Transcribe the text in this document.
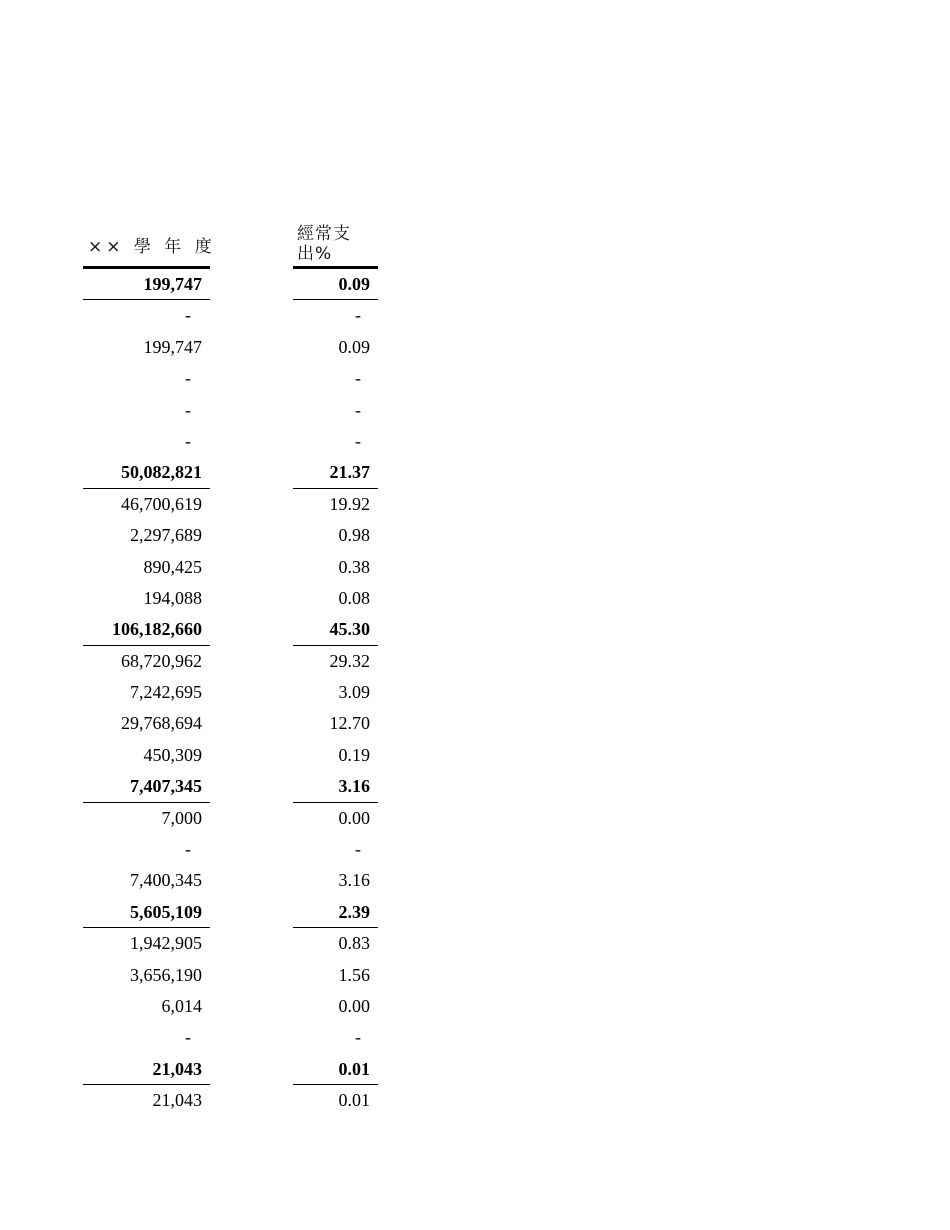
×× 學 年 度
經常支出%
199,747
-
199,747
-
-
-
50,082,821
46,700,619
2,297,689
890,425
194,088
106,182,660
68,720,962
7,242,695
29,768,694
450,309
7,407,345
7,000
-
7,400,345
5,605,109
1,942,905
3,656,190
6,014
-
21,043
21,043
0.09
-
0.09
-
-
-
21.37
19.92
0.98
0.38
0.08
45.30
29.32
3.09
12.70
0.19
3.16
0.00
-
3.16
2.39
0.83
1.56
0.00
-
0.01
0.01
